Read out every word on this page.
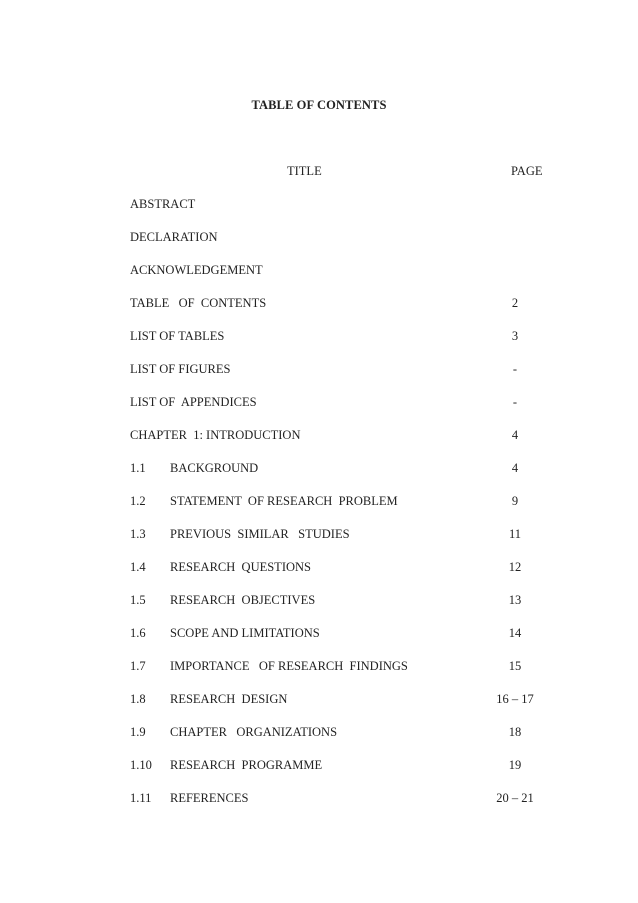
TABLE OF CONTENTS
TITLE	PAGE
ABSTRACT
DECLARATION
ACKNOWLEDGEMENT
TABLE   OF  CONTENTS	2
LIST OF TABLES	3
LIST OF FIGURES	-
LIST OF  APPENDICES	-
CHAPTER  1: INTRODUCTION	4
1.1 BACKGROUND	4
1.2 STATEMENT  OF RESEARCH  PROBLEM	9
1.3 PREVIOUS  SIMILAR   STUDIES	11
1.4 RESEARCH  QUESTIONS	12
1.5 RESEARCH  OBJECTIVES	13
1.6 SCOPE AND LIMITATIONS	14
1.7 IMPORTANCE   OF RESEARCH  FINDINGS	15
1.8 RESEARCH  DESIGN	16 – 17
1.9 CHAPTER   ORGANIZATIONS	18
1.10 RESEARCH  PROGRAMME	19
1.11 REFERENCES	20 – 21
